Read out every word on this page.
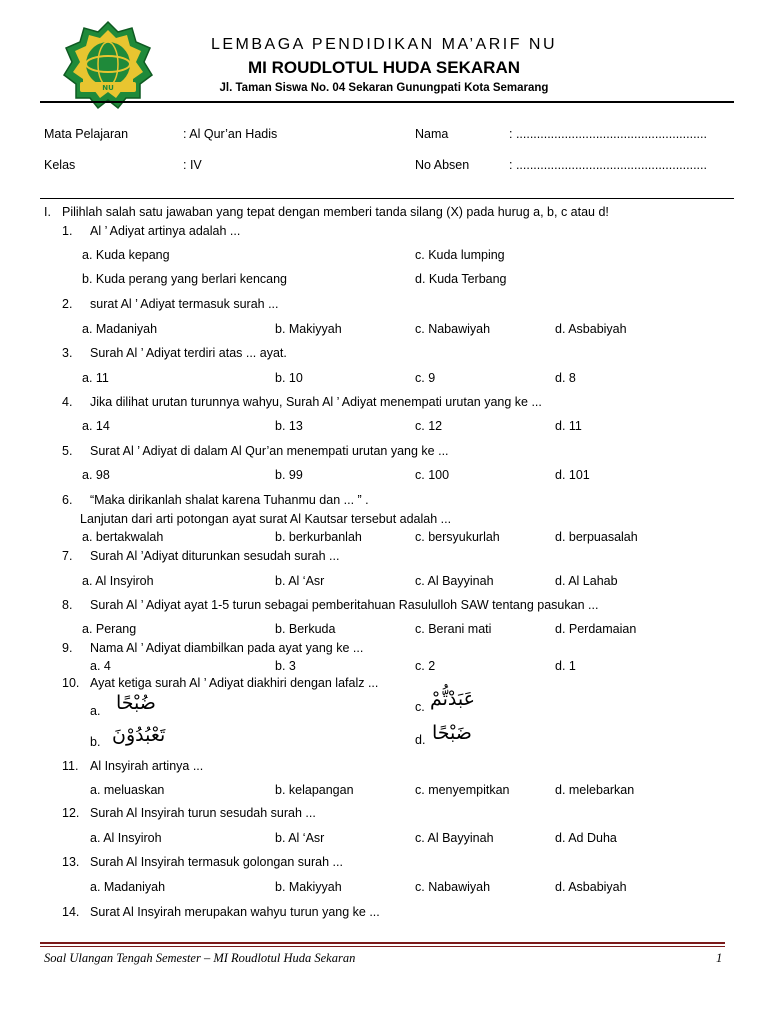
NU
LEMBAGA PENDIDIKAN MA’ARIF NU
MI ROUDLOTUL HUDA SEKARAN
Jl. Taman Siswa No. 04 Sekaran Gunungpati Kota Semarang
Mata Pelajaran	: Al Qur’an Hadis	Nama	: .......................................................
Kelas	: IV	No Absen	: .......................................................
I. Pilihlah salah satu jawaban yang tepat dengan memberi tanda silang (X) pada hurug a, b, c atau d!
1. Al ’ Adiyat artinya adalah ...
a. Kuda kepang	c. Kuda lumping
b. Kuda perang yang berlari kencang	d. Kuda Terbang
2. surat Al ’ Adiyat termasuk surah ...
a. Madaniyah	b. Makiyyah	c. Nabawiyah	d. Asbabiyah
3. Surah Al ’ Adiyat terdiri atas ... ayat.
a. 11	b. 10	c. 9	d. 8
4. Jika dilihat urutan turunnya wahyu, Surah Al ’ Adiyat menempati urutan yang ke ...
a. 14	b. 13	c. 12	d. 11
5. Surat Al ’ Adiyat di dalam Al Qur’an menempati urutan yang ke ...
a. 98	b. 99	c. 100	d. 101
6. “Maka dirikanlah shalat karena Tuhanmu dan ... ” .
Lanjutan dari arti potongan ayat surat Al Kautsar tersebut adalah ...
a. bertakwalah	b. berkurbanlah	c. bersyukurlah	d. berpuasalah
7. Surah Al ’Adiyat diturunkan sesudah surah ...
a. Al Insyiroh	b. Al ‘Asr	c. Al Bayyinah	d. Al Lahab
8. Surah Al ’ Adiyat ayat 1-5 turun sebagai pemberitahuan Rasululloh SAW tentang pasukan ...
a. Perang	b. Berkuda	c. Berani mati	d. Perdamaian
9. Nama Al ’ Adiyat diambilkan pada ayat yang ke ...
a. 4	b. 3	c. 2	d. 1
10. Ayat ketiga surah Al ’ Adiyat diakhiri dengan lafalz ...
a. ضُبْحًا	c. عَبَدْتُّمْ
b. تَعْبُدُوْنَ	d. ضَبْحًا
11. Al Insyirah artinya ...
a. meluaskan	b. kelapangan	c. menyempitkan	d. melebarkan
12. Surah Al Insyirah turun sesudah surah ...
a. Al Insyiroh	b. Al ‘Asr	c. Al Bayyinah	d. Ad Duha
13. Surah Al Insyirah termasuk golongan surah ...
a. Madaniyah	b. Makiyyah	c. Nabawiyah	d. Asbabiyah
14. Surat Al Insyirah merupakan wahyu turun yang ke ...
Soal Ulangan Tengah Semester – MI Roudlotul Huda Sekaran	1
